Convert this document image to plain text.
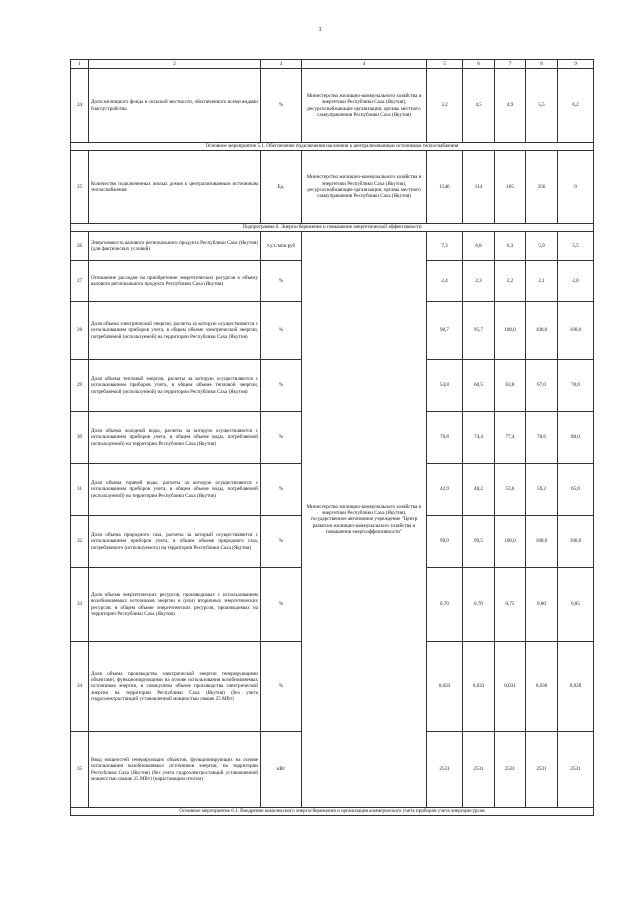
3
1	2	3	4	5	6	7	8	9
24	Доля жилищного фонда в сельской местности, обеспеченного всеми видами благоустройства	%	Министерство жилищно-коммунального хозяйства и энергетики Республики Саха (Якутия), ресурсоснабжающие организации, органы местного самоуправления Республики Саха (Якутия)	3,2	4,5	4,9	5,5	6,2
Основное мероприятие 5.1. Обеспечение подключения населения к централизованным источникам теплоснабжения								
25	Количество подключенных жилых домов к централизованным источникам теплоснабжения	Ед.	Министерство жилищно-коммунального хозяйства и энергетики Республики Саха (Якутия), ресурсоснабжающие организации, органы местного самоуправления Республики Саха (Якутия)	1546	114	165	356	0
Подпрограмма 6. Энергосбережение и повышение энергетической эффективности								
26	Энергоемкость валового регионального продукта Республики Саха (Якутия) (для фактических условий)	т.у.т./млн руб	Министерство жилищно-коммунального хозяйства и энергетики Республики Саха (Якутия), государственное автономное учреждение "Центр развития жилищно-коммунального хозяйства и повышения энергоэффективности"	7,3	6,8	6,3	5,9	5,5
27	Отношение расходов на приобретение энергетических ресурсов к объему валового регионального продукта Республики Саха (Якутия)	%		2,4	2,3	2,2	2,1	2,0
28	Доля объема электрической энергии, расчеты за которую осуществляются с использованием приборов учета, в общем объеме электрической энергии, потребляемой (используемой) на территории Республики Саха (Якутия)	%		90,7	95,7	100,0	100,0	100,0
29	Доля объема тепловой энергии, расчеты за которую осуществляются с использованием приборов учета, в общем объеме тепловой энергии, потребляемой (используемой) на территории Республики Саха (Якутия)	%		54,8	60,5	63,8	67,0	70,0
30	Доля объема холодной воды, расчеты за которую осуществляются с использованием приборов учета, в общем объеме воды, потребляемой (используемой) на территории Республики Саха (Якутия)	%		70,8	74,4	77,4	78,6	80,0
31	Доля объема горячей воды, расчеты за которую осуществляются с использованием приборов учета, в общем объеме воды, потребляемой (используемой) на территории Республики Саха (Якутия)	%		42,9	48,2	53,6	59,2	65,0
32	Доля объема природного газа, расчеты за который осуществляются с использованием приборов учета, в общем объеме природного газа, потребляемого (используемого) на территории Республики Саха (Якутия)	%		99,0	99,5	100,0	100,0	100,0
33	Доля объема энергетических ресурсов, производимых с использованием возобновляемых источников энергии и (или) вторичных энергетических ресурсов, в общем объеме энергетических ресурсов, производимых на территории Республики Саха (Якутия)	%		0,70	0,70	0,75	0,80	0,85
34	Доля объема производства электрической энергии генерирующими объектами, функционирующими на основе использования возобновляемых источников энергии, в совокупном объеме производства электрической энергии на территории Республики Саха (Якутия) (без учета гидроэлектростанций установленной мощностью свыше 25 МВт)	%		0,033	0,033	0,031	0,030	0,028
35	Ввод мощностей генерирующих объектов, функционирующих на основе использования возобновляемых источников энергии, на территории Республики Саха (Якутия) (без учета гидроэлектростанций установленной мощностью свыше 25 МВт) (нарастающим итогом)	кВт		2531	2531	2531	2531	2531
Основное мероприятие 6.1. Внедрение комплексного энергосбережения и организация коммерческого учета приборов учета энергоресурсов								
